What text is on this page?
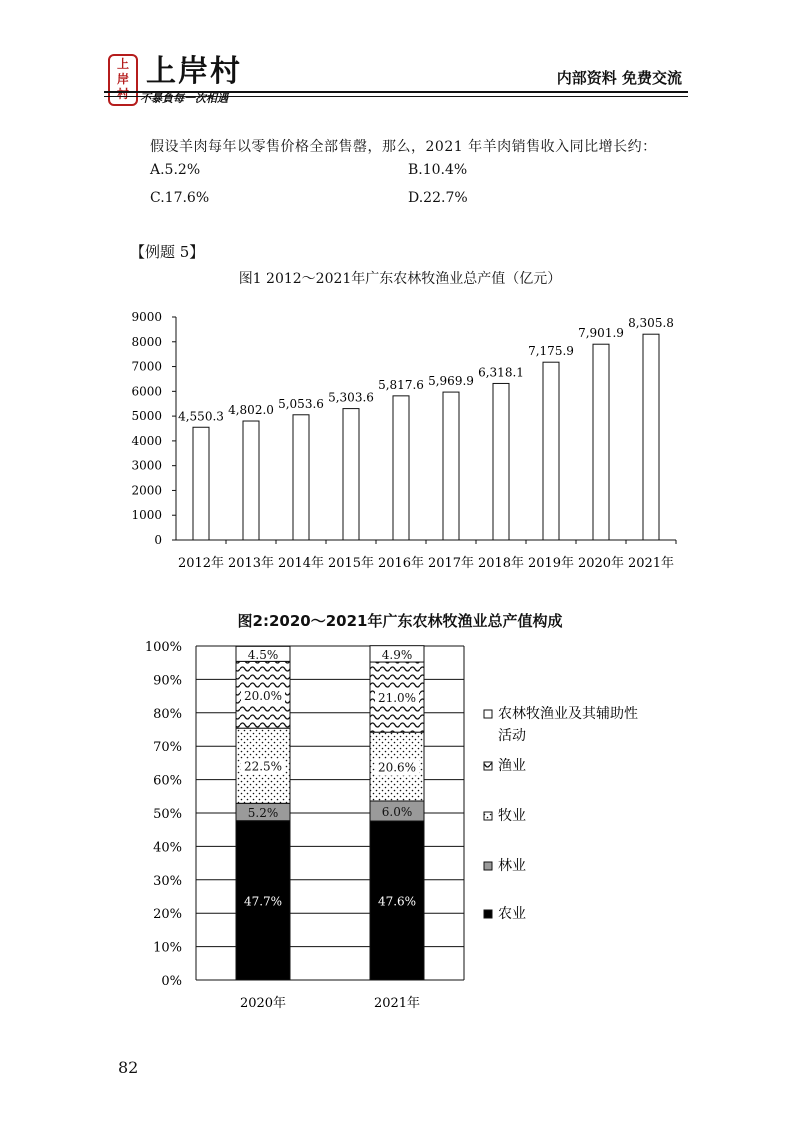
上
岸
村
上岸村
不暴負每一次相遇
内部资料 免费交流
假设羊肉每年以零售价格全部售罄，那么，2021 年羊肉销售收入同比增长约：
A.5.2%	B.10.4%
C.17.6%	D.22.7%
【例题 5】
图1 2012～2021年广东农林牧渔业总产值（亿元）
0
1000
2000
3000
4000
5000
6000
7000
8000
9000
4,550.3
2012年
4,802.0
2013年
5,053.6
2014年
5,303.6
2015年
5,817.6
2016年
5,969.9
2017年
6,318.1
2018年
7,175.9
2019年
7,901.9
2020年
8,305.8
2021年
图2:2020～2021年广东农林牧渔业总产值构成
0%
10%
20%
30%
40%
50%
60%
70%
80%
90%
100%
47.7%
5.2%
22.5%
20.0%
4.5%
2020年
47.6%
6.0%
20.6%
21.0%
4.9%
2021年
农林牧渔业及其辅助性
活动
渔业
牧业
林业
农业
82
